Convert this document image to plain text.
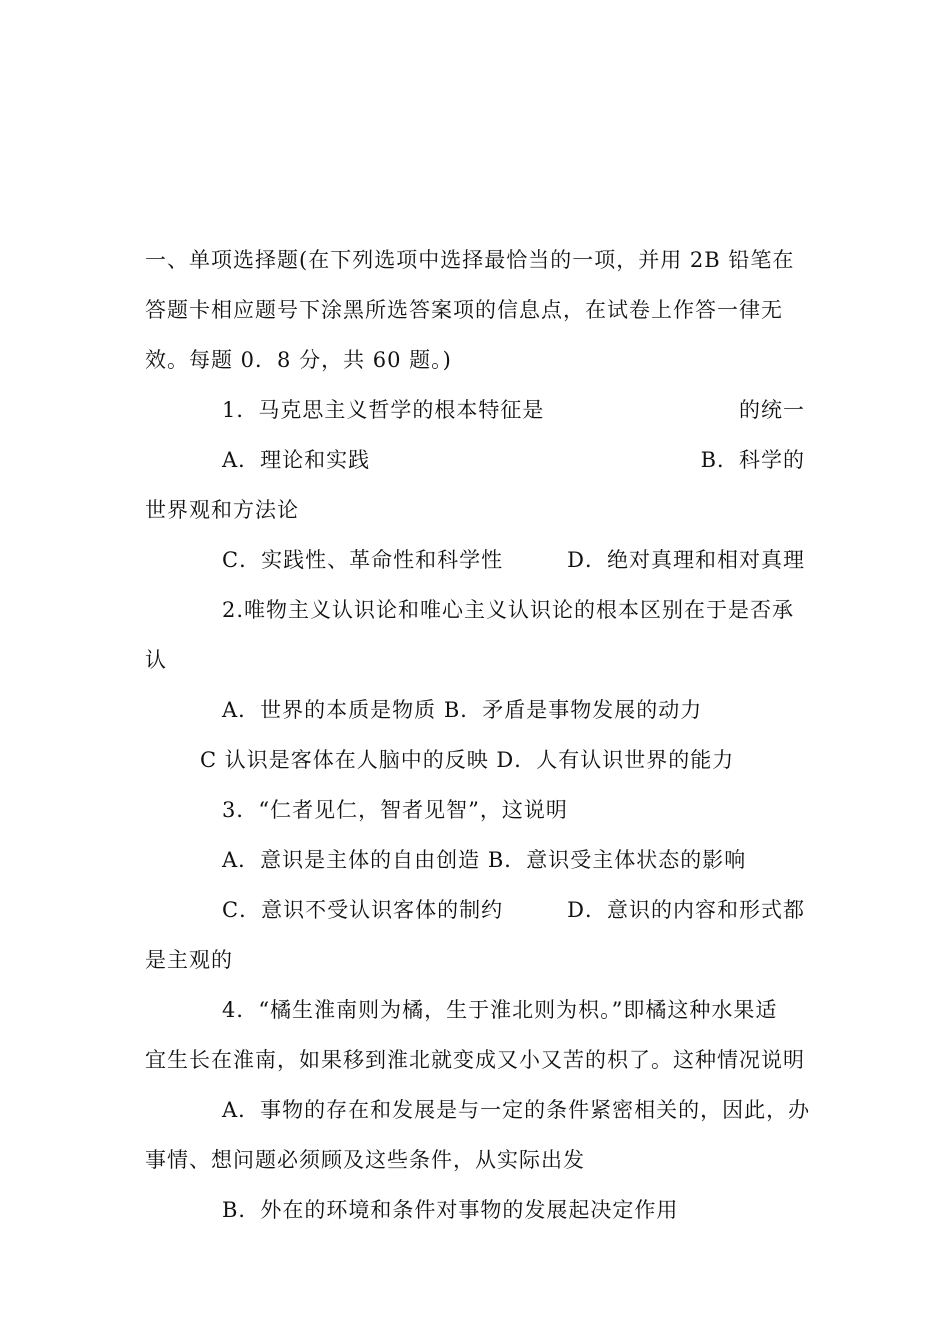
一、单项选择题(在下列选项中选择最恰当的一项，并用 2B 铅笔在
答题卡相应题号下涂黑所选答案项的信息点，在试卷上作答一律无
效。每题 0．8 分，共 60 题。)
1．马克思主义哲学的根本特征是	的统一
A．理论和实践	B．科学的
世界观和方法论
C．实践性、革命性和科学性	D．绝对真理和相对真理
2.唯物主义认识论和唯心主义认识论的根本区别在于是否承
认
A．世界的本质是物质 B．矛盾是事物发展的动力
C 认识是客体在人脑中的反映 D．人有认识世界的能力
3．“仁者见仁，智者见智”，这说明
A．意识是主体的自由创造 B．意识受主体状态的影响
C．意识不受认识客体的制约	D．意识的内容和形式都
是主观的
4．“橘生淮南则为橘，生于淮北则为枳。”即橘这种水果适
宜生长在淮南，如果移到淮北就变成又小又苦的枳了。这种情况说明
A．事物的存在和发展是与一定的条件紧密相关的，因此，办
事情、想问题必须顾及这些条件，从实际出发
B．外在的环境和条件对事物的发展起决定作用
